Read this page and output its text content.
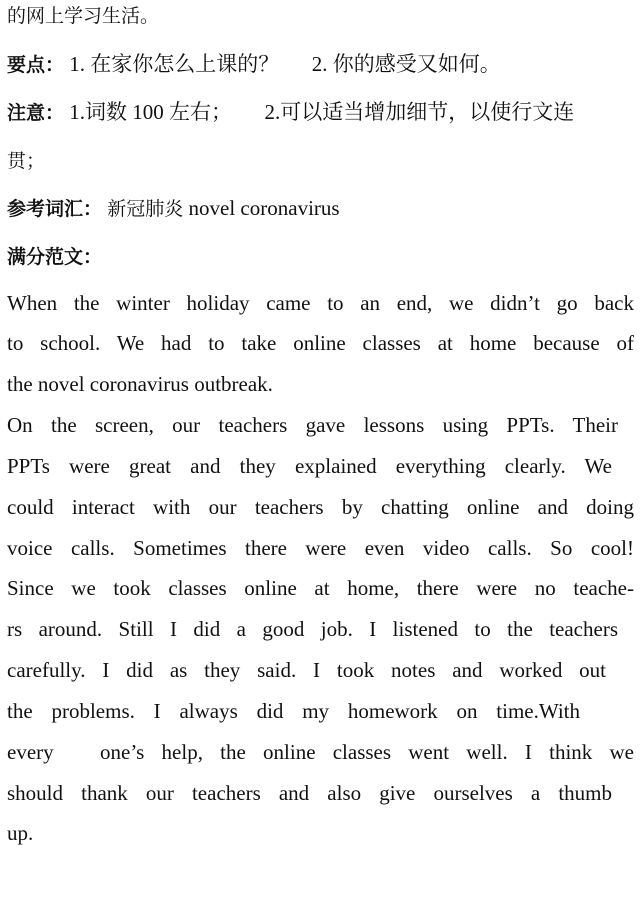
的网上学习生活。
要点： 1. 在家你怎么上课的？ 2. 你的感受又如何。
注意： 1.词数 100 左右； 2.可以适当增加细节，以使行文连
贯；
参考词汇： 新冠肺炎 novel coronavirus
满分范文：
When the winter holiday came to an end, we didn’t go back
to school. We had to take online classes at home because of
the novel coronavirus outbreak.
On the screen, our teachers gave lessons using PPTs. Their
PPTs were great and they explained everything clearly. We
could interact with our teachers by chatting online and doing
voice calls. Sometimes there were even video calls. So cool!
Since we took classes online at home, there were no teache-
rs around. Still I did a good job. I listened to the teachers
carefully. I did as they said. I took notes and worked out
the problems. I always did my homework on time.With
every one’s help, the online classes went well. I think we
should thank our teachers and also give ourselves a thumb
up.
